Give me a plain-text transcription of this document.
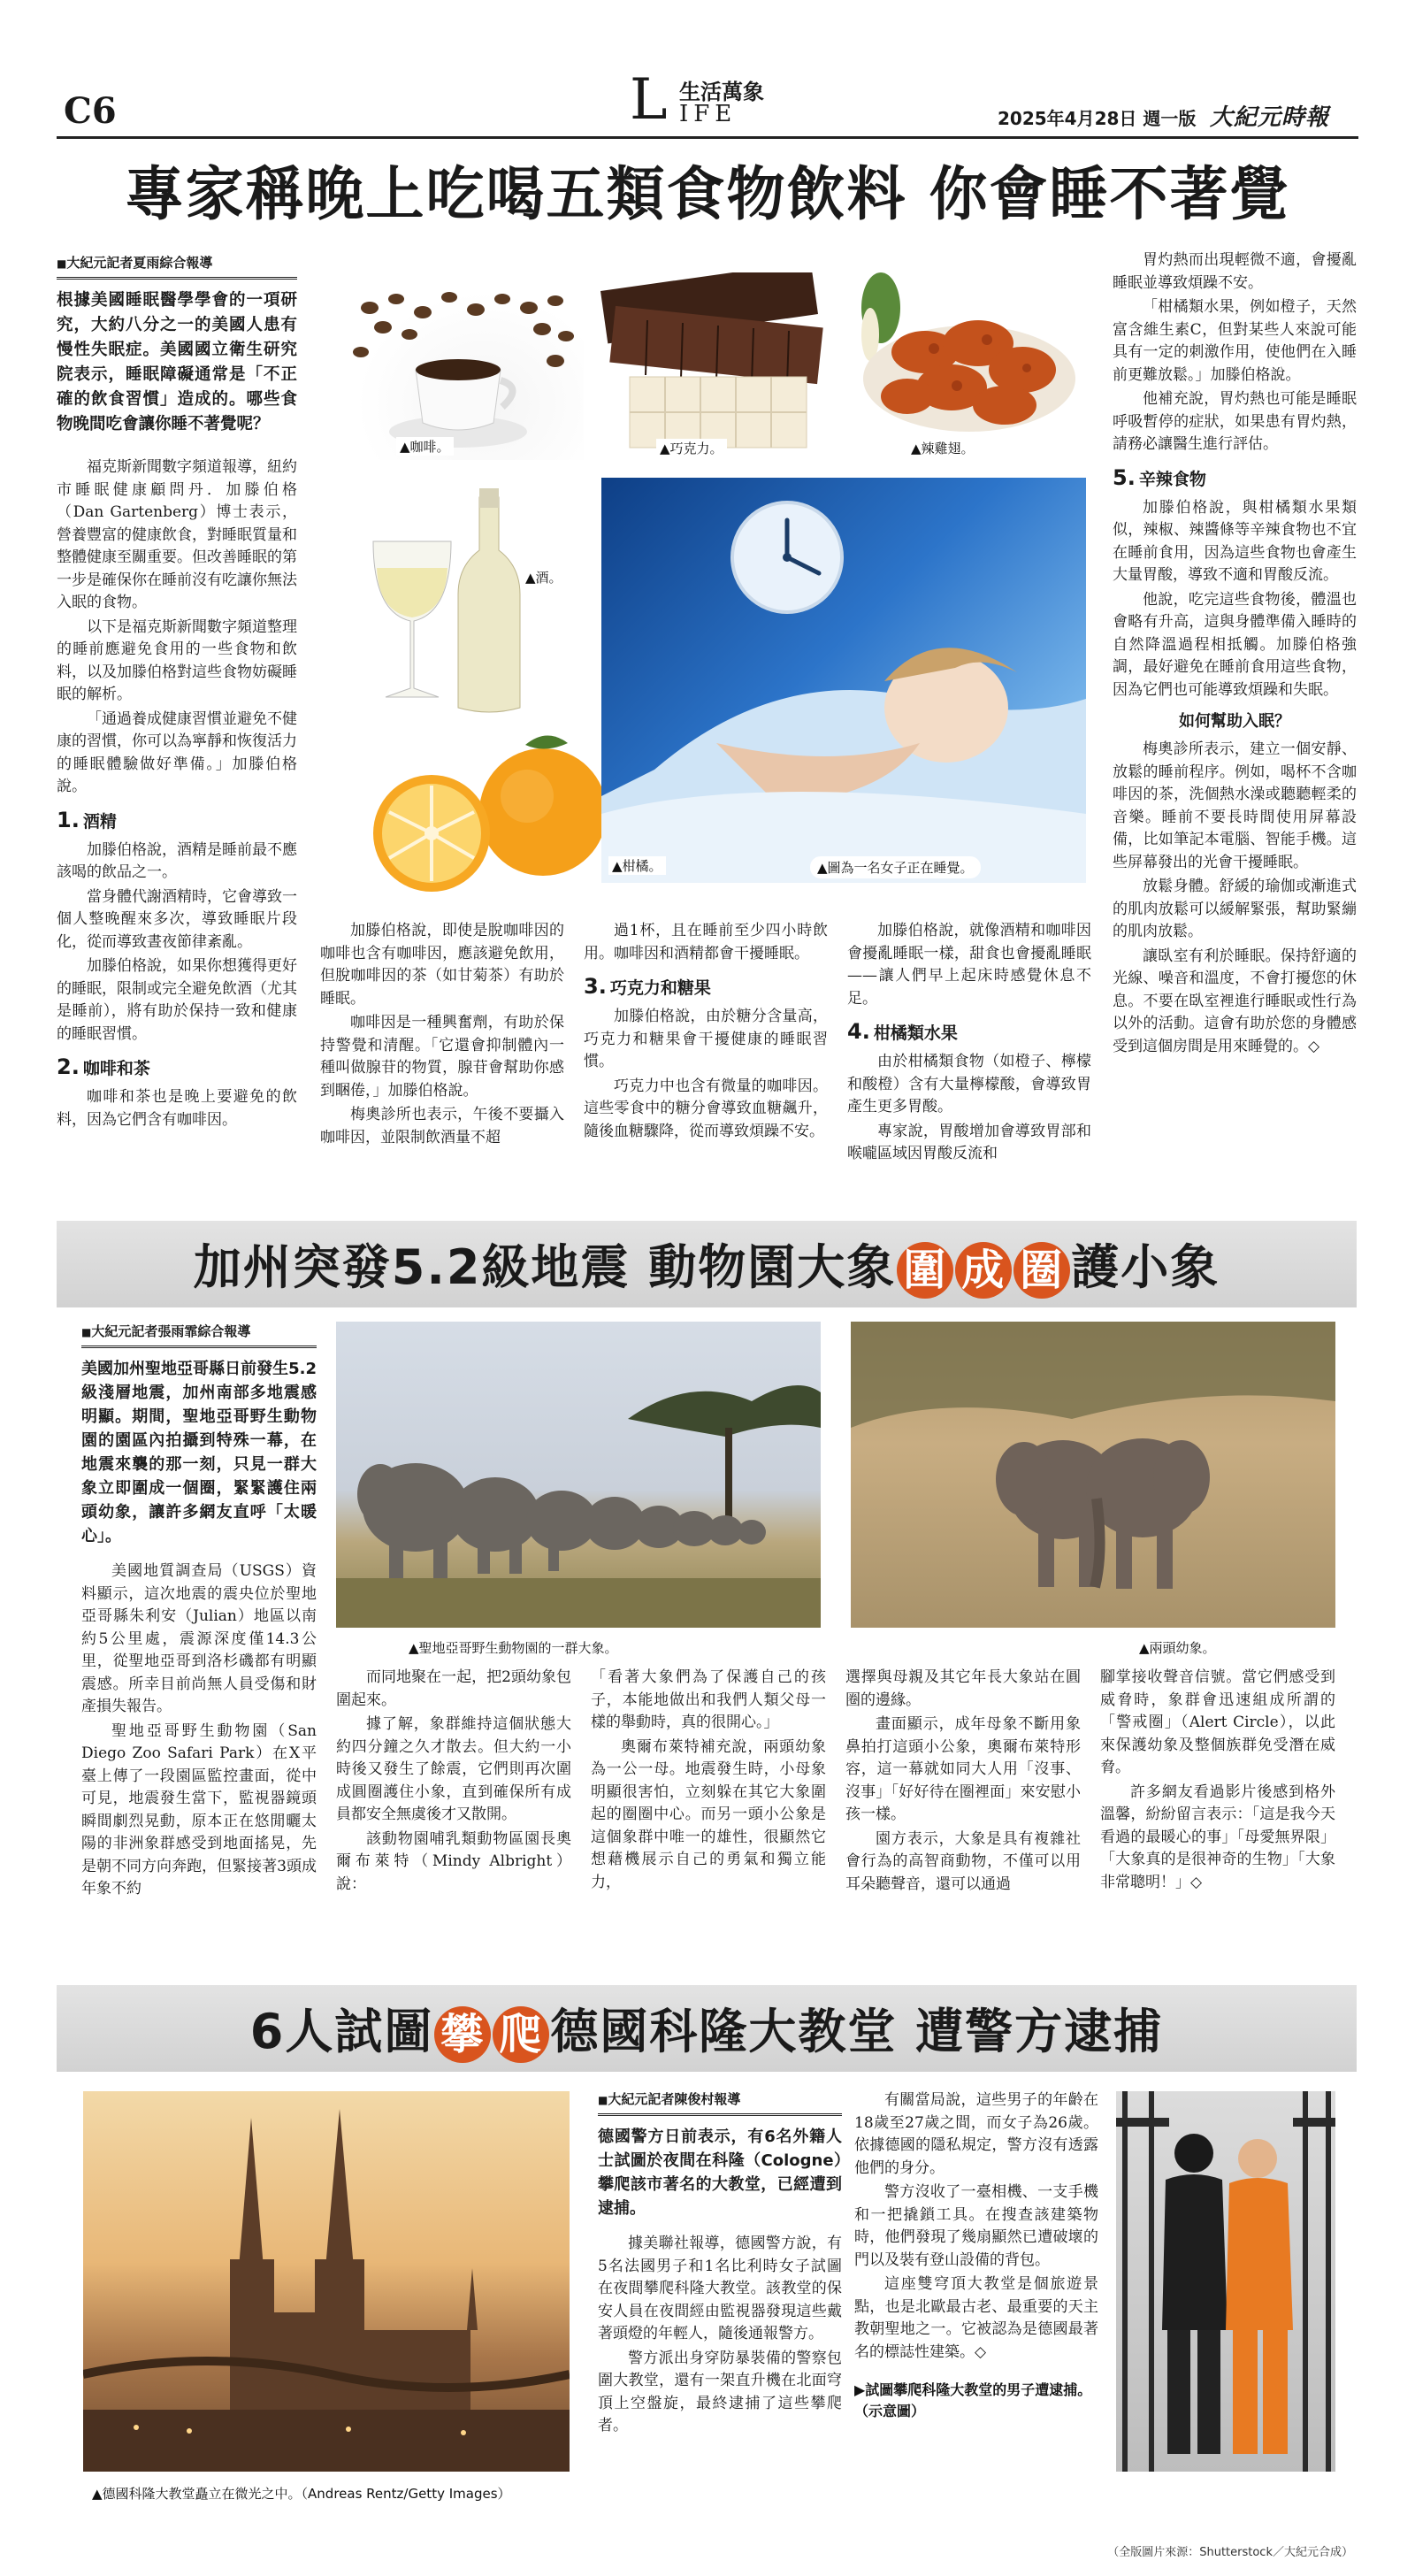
C6	L 生活萬象
IFE	2025年4月28日 週一版 大紀元時報
專家稱晚上吃喝五類食物飲料 你會睡不著覺
■ 大紀元記者夏雨綜合報導

根據美國睡眠醫學學會的一項研究，大約八分之一的美國人患有慢性失眠症。美國國立衛生研究院表示，睡眠障礙通常是「不正確的飲食習慣」造成的。哪些食物晚間吃會讓你睡不著覺呢？

福克斯新聞數字頻道報導，紐約市睡眠健康顧問丹．加滕伯格（Dan Gartenberg）博士表示，營養豐富的健康飲食，對睡眠質量和整體健康至關重要。但改善睡眠的第一步是確保你在睡前沒有吃讓你無法入眠的食物。

以下是福克斯新聞數字頻道整理的睡前應避免食用的一些食物和飲料，以及加滕伯格對這些食物妨礙睡眠的解析。

「通過養成健康習慣並避免不健康的習慣，你可以為寧靜和恢復活力的睡眠體驗做好準備。」加滕伯格說。

1. 酒精

加滕伯格說，酒精是睡前最不應該喝的飲品之一。

當身體代謝酒精時，它會導致一個人整晚醒來多次，導致睡眠片段化，從而導致晝夜節律紊亂。

加滕伯格說，如果你想獲得更好的睡眠，限制或完全避免飲酒（尤其是睡前），將有助於保持一致和健康的睡眠習慣。

2. 咖啡和茶

咖啡和茶也是晚上要避免的飲料，因為它們含有咖啡因。

▲咖啡。	▲巧克力。	▲辣雞翅。
▲酒。
▲圖為一名女子正在睡覺。
▲柑橘。

加滕伯格說，即使是脫咖啡因的咖啡也含有咖啡因，應該避免飲用，但脫咖啡因的茶（如甘菊茶）有助於睡眠。

咖啡因是一種興奮劑，有助於保持警覺和清醒。「它還會抑制體內一種叫做腺苷的物質，腺苷會幫助你感到睏倦，」加滕伯格說。

梅奧診所也表示，午後不要攝入咖啡因，並限制飲酒量不超

過1杯，且在睡前至少四小時飲用。咖啡因和酒精都會干擾睡眠。

3. 巧克力和糖果

加滕伯格說，由於糖分含量高，巧克力和糖果會干擾健康的睡眠習慣。

巧克力中也含有微量的咖啡因。這些零食中的糖分會導致血糖飆升，隨後血糖驟降，從而導致煩躁不安。

加滕伯格說，就像酒精和咖啡因會擾亂睡眠一樣，甜食也會擾亂睡眠——讓人們早上起床時感覺休息不足。

4. 柑橘類水果

由於柑橘類食物（如橙子、檸檬和酸橙）含有大量檸檬酸，會導致胃產生更多胃酸。

專家說，胃酸增加會導致胃部和喉嚨區域因胃酸反流和

胃灼熱而出現輕微不適，會擾亂睡眠並導致煩躁不安。

「柑橘類水果，例如橙子，天然富含維生素C，但對某些人來說可能具有一定的刺激作用，使他們在入睡前更難放鬆。」加滕伯格說。

他補充說，胃灼熱也可能是睡眠呼吸暫停的症狀，如果患有胃灼熱，請務必讓醫生進行評估。

5. 辛辣食物

加滕伯格說，與柑橘類水果類似，辣椒、辣醬條等辛辣食物也不宜在睡前食用，因為這些食物也會產生大量胃酸，導致不適和胃酸反流。

他說，吃完這些食物後，體溫也會略有升高，這與身體準備入睡時的自然降溫過程相抵觸。加滕伯格強調，最好避免在睡前食用這些食物，因為它們也可能導致煩躁和失眠。

如何幫助入眠？

梅奧診所表示，建立一個安靜、放鬆的睡前程序。例如，喝杯不含咖啡因的茶，洗個熱水澡或聽聽輕柔的音樂。睡前不要長時間使用屏幕設備，比如筆記本電腦、智能手機。這些屏幕發出的光會干擾睡眠。

放鬆身體。舒緩的瑜伽或漸進式的肌肉放鬆可以緩解緊張，幫助緊繃的肌肉放鬆。

讓臥室有利於睡眠。保持舒適的光線、噪音和溫度，不會打擾您的休息。不要在臥室裡進行睡眠或性行為以外的活動。這會有助於您的身體感受到這個房間是用來睡覺的。◇

加州突發5.2級地震 動物園大象 圍 成 圈 護小象
■ 大紀元記者張雨霏綜合報導

美國加州聖地亞哥縣日前發生5.2級淺層地震，加州南部多地震感明顯。期間，聖地亞哥野生動物園的園區內拍攝到特殊一幕，在地震來襲的那一刻，只見一群大象立即圍成一個圈，緊緊護住兩頭幼象，讓許多網友直呼「太暖心」。

美國地質調查局（USGS）資料顯示，這次地震的震央位於聖地亞哥縣朱利安（Julian）地區以南約5公里處，震源深度僅14.3公里，從聖地亞哥到洛杉磯都有明顯震感。所幸目前尚無人員受傷和財產損失報告。

聖地亞哥野生動物園（San Diego Zoo Safari Park）在X平臺上傳了一段園區監控畫面，從中可見，地震發生當下，監視器鏡頭瞬間劇烈晃動，原本正在悠閒曬太陽的非洲象群感受到地面搖晃，先是朝不同方向奔跑，但緊接著3頭成年象不約

▲聖地亞哥野生動物園的一群大象。	▲兩頭幼象。

而同地聚在一起，把2頭幼象包圍起來。

據了解，象群維持這個狀態大約四分鐘之久才散去。但大約一小時後又發生了餘震，它們則再次圍成圓圈護住小象，直到確保所有成員都安全無虞後才又散開。

該動物園哺乳類動物區園長奧爾布萊特（Mindy Albright）說：

「看著大象們為了保護自己的孩子，本能地做出和我們人類父母一樣的舉動時，真的很開心。」

奧爾布萊特補充說，兩頭幼象為一公一母。地震發生時，小母象明顯很害怕，立刻躲在其它大象圍起的圈圈中心。而另一頭小公象是這個象群中唯一的雄性，很顯然它想藉機展示自己的勇氣和獨立能力，

選擇與母親及其它年長大象站在圓圈的邊緣。

畫面顯示，成年母象不斷用象鼻拍打這頭小公象，奧爾布萊特形容，這一幕就如同大人用「沒事、沒事」「好好待在圈裡面」來安慰小孩一樣。

園方表示，大象是具有複雜社會行為的高智商動物，不僅可以用耳朵聽聲音，還可以通過

腳掌接收聲音信號。當它們感受到威脅時，象群會迅速組成所謂的「警戒圈」（Alert Circle），以此來保護幼象及整個族群免受潛在威脅。

許多網友看過影片後感到格外溫馨，紛紛留言表示：「這是我今天看過的最暖心的事」「母愛無界限」「大象真的是很神奇的生物」「大象非常聰明！」◇

6人試圖 攀 爬 德國科隆大教堂 遭警方逮捕
▲德國科隆大教堂矗立在微光之中。（Andreas Rentz/Getty Images）
■ 大紀元記者陳俊村報導

德國警方日前表示，有6名外籍人士試圖於夜間在科隆（Cologne）攀爬該市著名的大教堂，已經遭到逮捕。

據美聯社報導，德國警方說，有5名法國男子和1名比利時女子試圖在夜間攀爬科隆大教堂。該教堂的保安人員在夜間經由監視器發現這些戴著頭燈的年輕人，隨後通報警方。

警方派出身穿防暴裝備的警察包圍大教堂，還有一架直升機在北面穹頂上空盤旋，最終逮捕了這些攀爬者。

有關當局說，這些男子的年齡在18歲至27歲之間，而女子為26歲。依據德國的隱私規定，警方沒有透露他們的身分。

警方沒收了一臺相機、一支手機和一把撬鎖工具。在搜查該建築物時，他們發現了幾扇顯然已遭破壞的門以及裝有登山設備的背包。

這座雙穹頂大教堂是個旅遊景點，也是北歐最古老、最重要的天主教朝聖地之一。它被認為是德國最著名的標誌性建築。◇

▶試圖攀爬科隆大教堂的男子遭逮捕。（示意圖）

（全版圖片來源：Shutterstock／大紀元合成）
